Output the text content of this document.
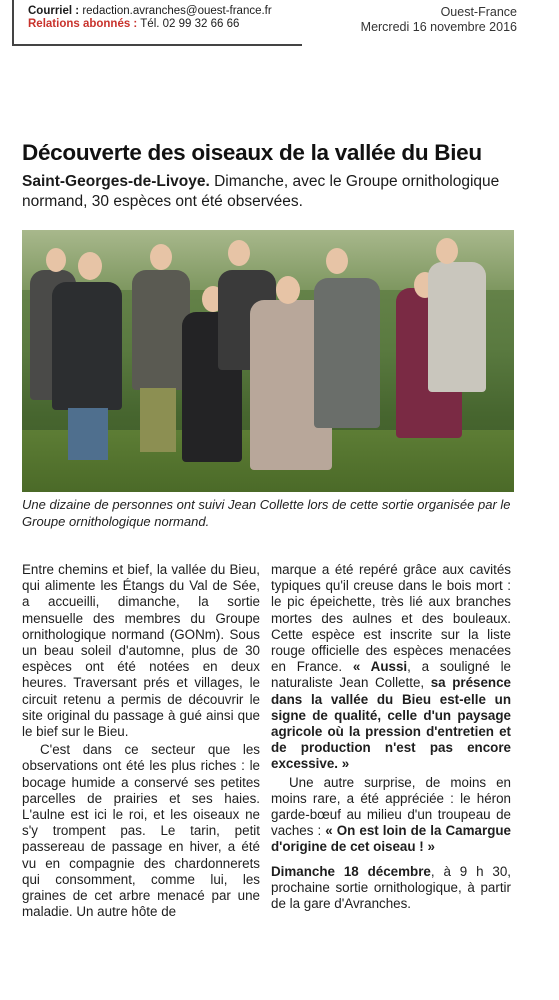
Courriel : redaction.avranches@ouest-france.fr
Relations abonnés : Tél. 02 99 32 66 66
Ouest-France
Mercredi 16 novembre 2016
Découverte des oiseaux de la vallée du Bieu
Saint-Georges-de-Livoye. Dimanche, avec le Groupe ornithologique normand, 30 espèces ont été observées.
Une dizaine de personnes ont suivi Jean Collette lors de cette sortie organisée par le Groupe ornithologique normand.

Entre chemins et bief, la vallée du Bieu, qui alimente les Étangs du Val de Sée, a accueilli, dimanche, la sortie mensuelle des membres du Groupe ornithologique normand (GONm). Sous un beau soleil d'automne, plus de 30 espèces ont été notées en deux heures. Traversant prés et villages, le circuit retenu a permis de découvrir le site original du passage à gué ainsi que le bief sur le Bieu.

C'est dans ce secteur que les observations ont été les plus riches : le bocage humide a conservé ses petites parcelles de prairies et ses haies. L'aulne est ici le roi, et les oiseaux ne s'y trompent pas. Le tarin, petit passereau de passage en hiver, a été vu en compagnie des chardonnerets qui consomment, comme lui, les graines de cet arbre menacé par une maladie. Un autre hôte de

marque a été repéré grâce aux cavités typiques qu'il creuse dans le bois mort : le pic épeichette, très lié aux branches mortes des aulnes et des bouleaux. Cette espèce est inscrite sur la liste rouge officielle des espèces menacées en France. « Aussi, a souligné le naturaliste Jean Collette, sa présence dans la vallée du Bieu est-elle un signe de qualité, celle d'un paysage agricole où la pression d'entretien et de production n'est pas encore excessive. »

Une autre surprise, de moins en moins rare, a été appréciée : le héron garde-bœuf au milieu d'un troupeau de vaches : « On est loin de la Camargue d'origine de cet oiseau ! »

Dimanche 18 décembre, à 9 h 30, prochaine sortie ornithologique, à partir de la gare d'Avranches.
